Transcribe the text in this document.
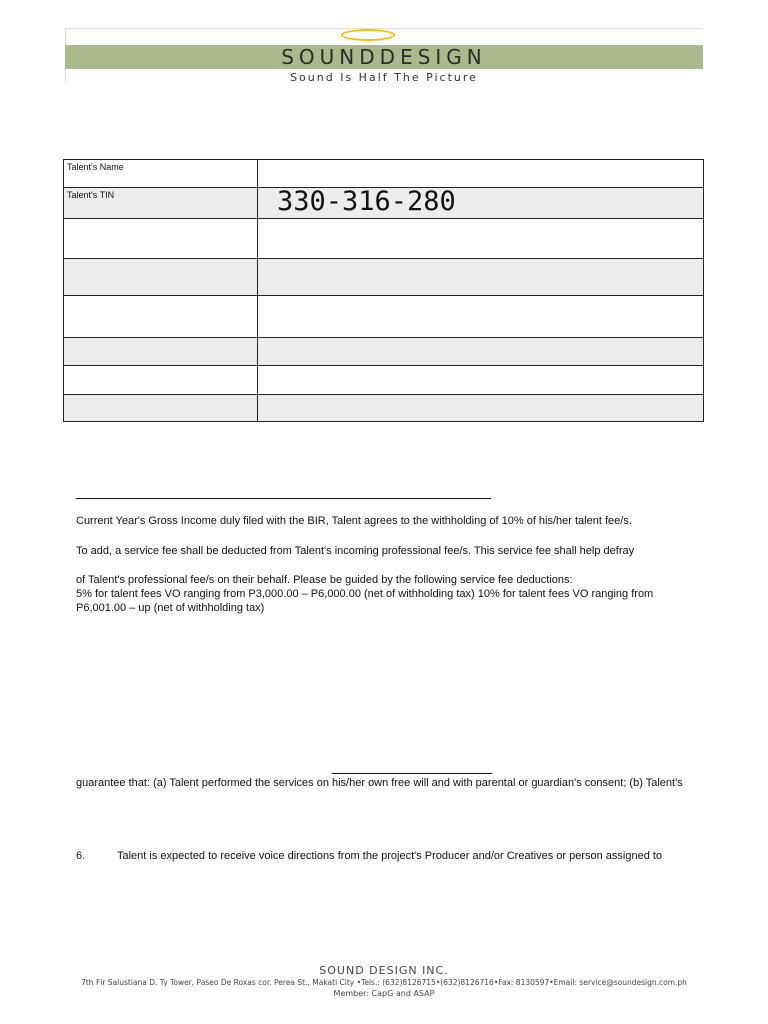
SOUNDDESIGN
Sound Is Half The Picture
Talent's Name	
Talent's TIN	330-316-280

Current Year's Gross Income duly filed with the BIR, Talent agrees to the withholding of 10% of his/her talent fee/s.
To add, a service fee shall be deducted from Talent's incoming professional fee/s. This service fee shall help defray
of Talent's professional fee/s on their behalf. Please be guided by the following service fee deductions:
5% for talent fees VO ranging from P3,000.00 – P6,000.00 (net of withholding tax) 10% for talent fees VO ranging from
P6,001.00 – up (net of withholding tax)
guarantee that: (a) Talent performed the services on his/her own free will and with parental or guardian's consent; (b) Talent's
6.	Talent is expected to receive voice directions from the project's Producer and/or Creatives or person assigned to
SOUND DESIGN INC.
7th Flr Salustiana D. Ty Tower, Paseo De Roxas cor. Perea St., Makati City •Tels.: (632)8126715•(632)8126716•Fax: 8130597•Email: service@soundesign.com.ph
Member: CapG and ASAP
